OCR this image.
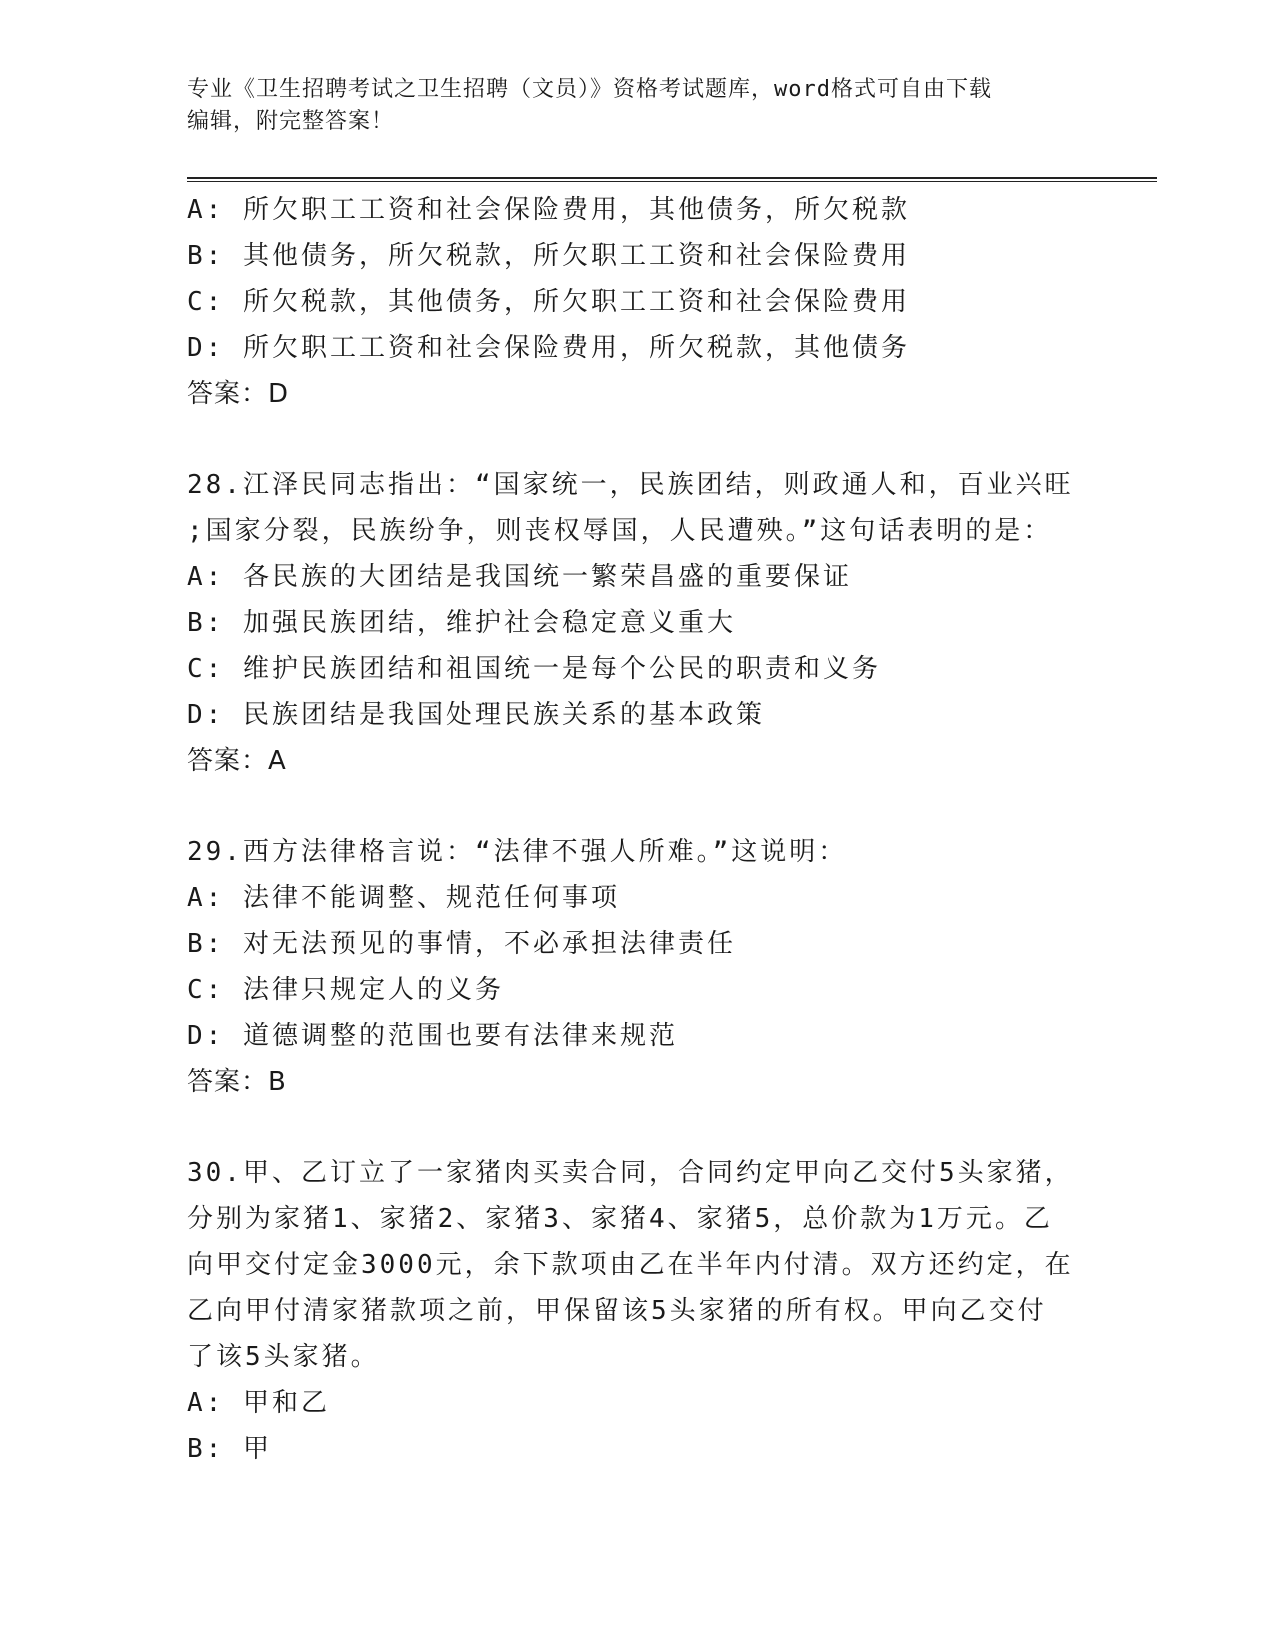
专业《卫生招聘考试之卫生招聘（文员）》资格考试题库，word格式可自由下载
编辑，附完整答案！
A: 所欠职工工资和社会保险费用，其他债务，所欠税款
B: 其他债务，所欠税款，所欠职工工资和社会保险费用
C: 所欠税款，其他债务，所欠职工工资和社会保险费用
D: 所欠职工工资和社会保险费用，所欠税款，其他债务
答案：D
28.江泽民同志指出：“国家统一，民族团结，则政通人和，百业兴旺
;国家分裂，民族纷争，则丧权辱国，人民遭殃。”这句话表明的是：
A: 各民族的大团结是我国统一繁荣昌盛的重要保证
B: 加强民族团结，维护社会稳定意义重大
C: 维护民族团结和祖国统一是每个公民的职责和义务
D: 民族团结是我国处理民族关系的基本政策
答案：A
29.西方法律格言说：“法律不强人所难。”这说明：
A: 法律不能调整、规范任何事项
B: 对无法预见的事情，不必承担法律责任
C: 法律只规定人的义务
D: 道德调整的范围也要有法律来规范
答案：B
30.甲、乙订立了一家猪肉买卖合同，合同约定甲向乙交付5头家猪，
分别为家猪1、家猪2、家猪3、家猪4、家猪5，总价款为1万元。乙
向甲交付定金3000元，余下款项由乙在半年内付清。双方还约定，在
乙向甲付清家猪款项之前，甲保留该5头家猪的所有权。甲向乙交付
了该5头家猪。
A: 甲和乙
B: 甲
